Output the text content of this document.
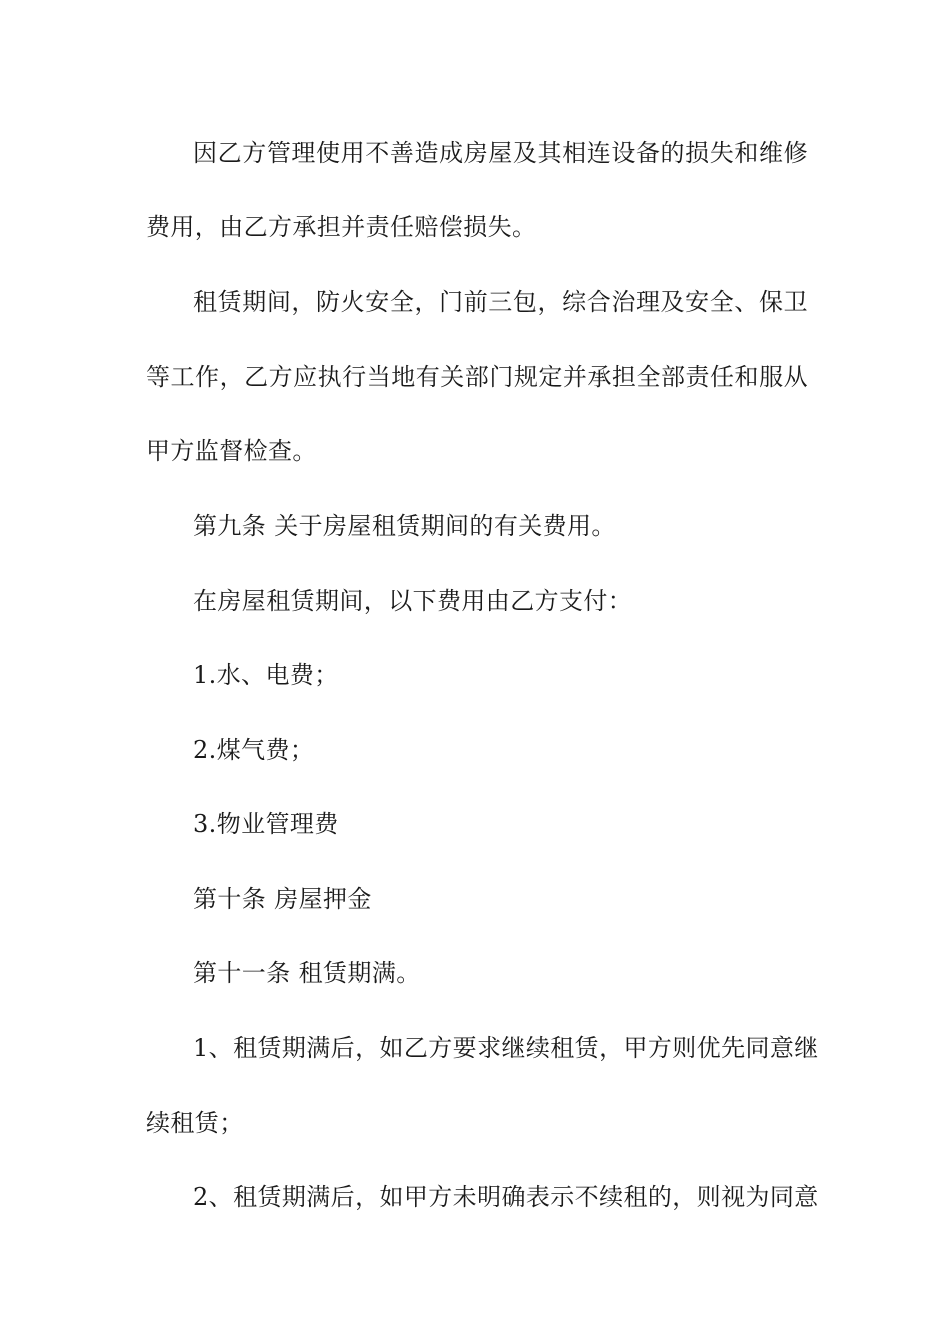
因乙方管理使用不善造成房屋及其相连设备的损失和维修
费用，由乙方承担并责任赔偿损失。
租赁期间，防火安全，门前三包，综合治理及安全、保卫
等工作，乙方应执行当地有关部门规定并承担全部责任和服从
甲方监督检查。
第九条 关于房屋租赁期间的有关费用。
在房屋租赁期间，以下费用由乙方支付：
1.水、电费；
2.煤气费；
3.物业管理费
第十条 房屋押金
第十一条 租赁期满。
1、租赁期满后，如乙方要求继续租赁，甲方则优先同意继
续租赁；
2、租赁期满后，如甲方未明确表示不续租的，则视为同意
